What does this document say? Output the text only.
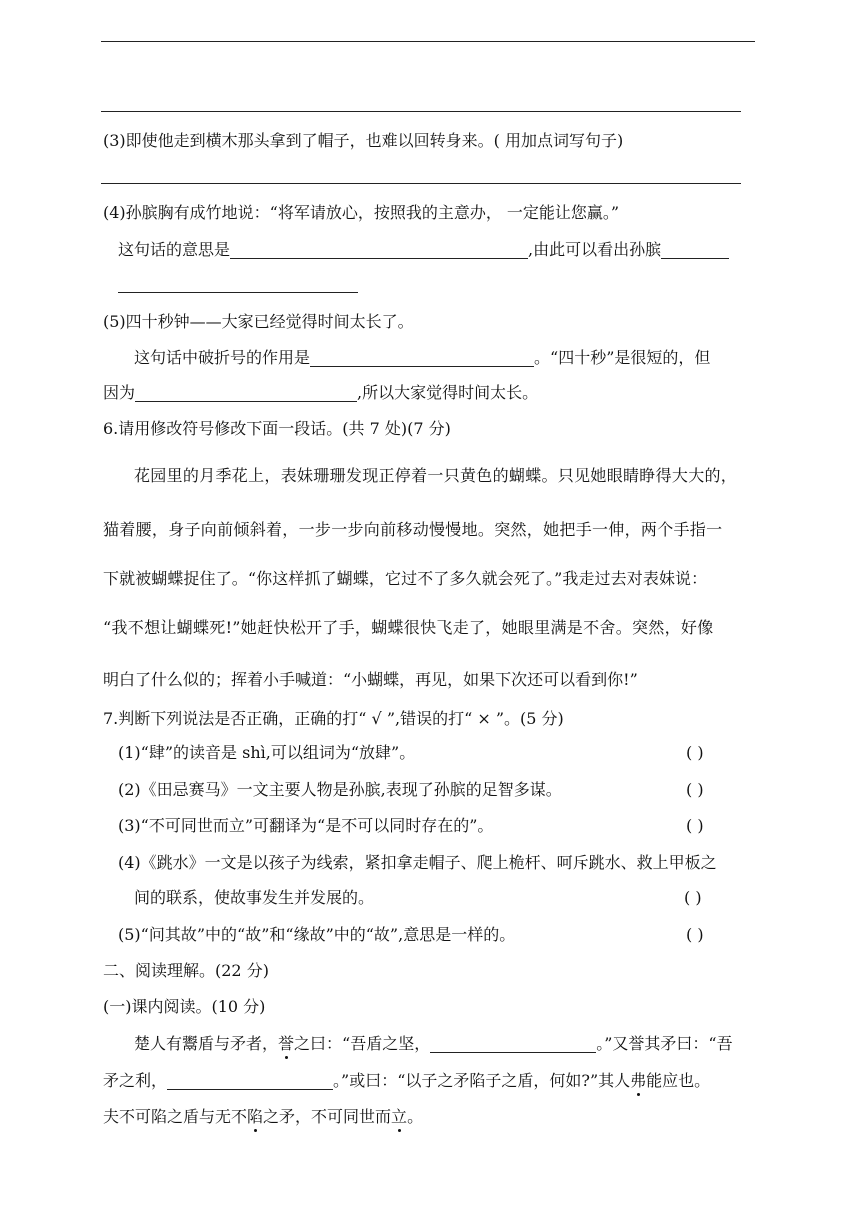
(3)即使他走到横木那头拿到了帽子，也难以回转身来。( 用加点词写句子)
(4)孙膑胸有成竹地说：“将军请放心，按照我的主意办， 一定能让您赢。”
这句话的意思是	,由此可以看出孙膑
(5)四十秒钟——大家已经觉得时间太长了。
这句话中破折号的作用是	。“四十秒”是很短的，但
因为	,所以大家觉得时间太长。
6.请用修改符号修改下面一段话。(共 7 处)(7 分)
花园里的月季花上，表妹珊珊发现正停着一只黄色的蝴蝶。只见她眼睛睁得大大的，
猫着腰，身子向前倾斜着，一步一步向前移动慢慢地。突然，她把手一伸，两个手指一
下就被蝴蝶捉住了。“你这样抓了蝴蝶，它过不了多久就会死了。”我走过去对表妹说：
“我不想让蝴蝶死!”她赶快松开了手，蝴蝶很快飞走了，她眼里满是不舍。突然，好像
明白了什么似的；挥着小手喊道：“小蝴蝶，再见，如果下次还可以看到你!”
7.判断下列说法是否正确，正确的打“ √ ”,错误的打“ × ”。(5 分)
(1)“肆”的读音是 shì,可以组词为“放肆”。	( )
(2)《田忌赛马》一文主要人物是孙膑,表现了孙膑的足智多谋。	( )
(3)“不可同世而立”可翻译为“是不可以同时存在的”。	( )
(4)《跳水》一文是以孩子为线索，紧扣拿走帽子、爬上桅杆、呵斥跳水、救上甲板之
间的联系，使故事发生并发展的。	( )
(5)“问其故”中的“故”和“缘故”中的“故”,意思是一样的。	( )
二、阅读理解。(22 分)
(一)课内阅读。(10 分)
楚人有鬻盾与矛者，誉之曰：“吾盾之坚，	。”又誉其矛曰：“吾
矛之利，	。”或曰：“以子之矛陷子之盾，何如?”其人弗能应也。
夫不可陷之盾与无不陷之矛，不可同世而立。
